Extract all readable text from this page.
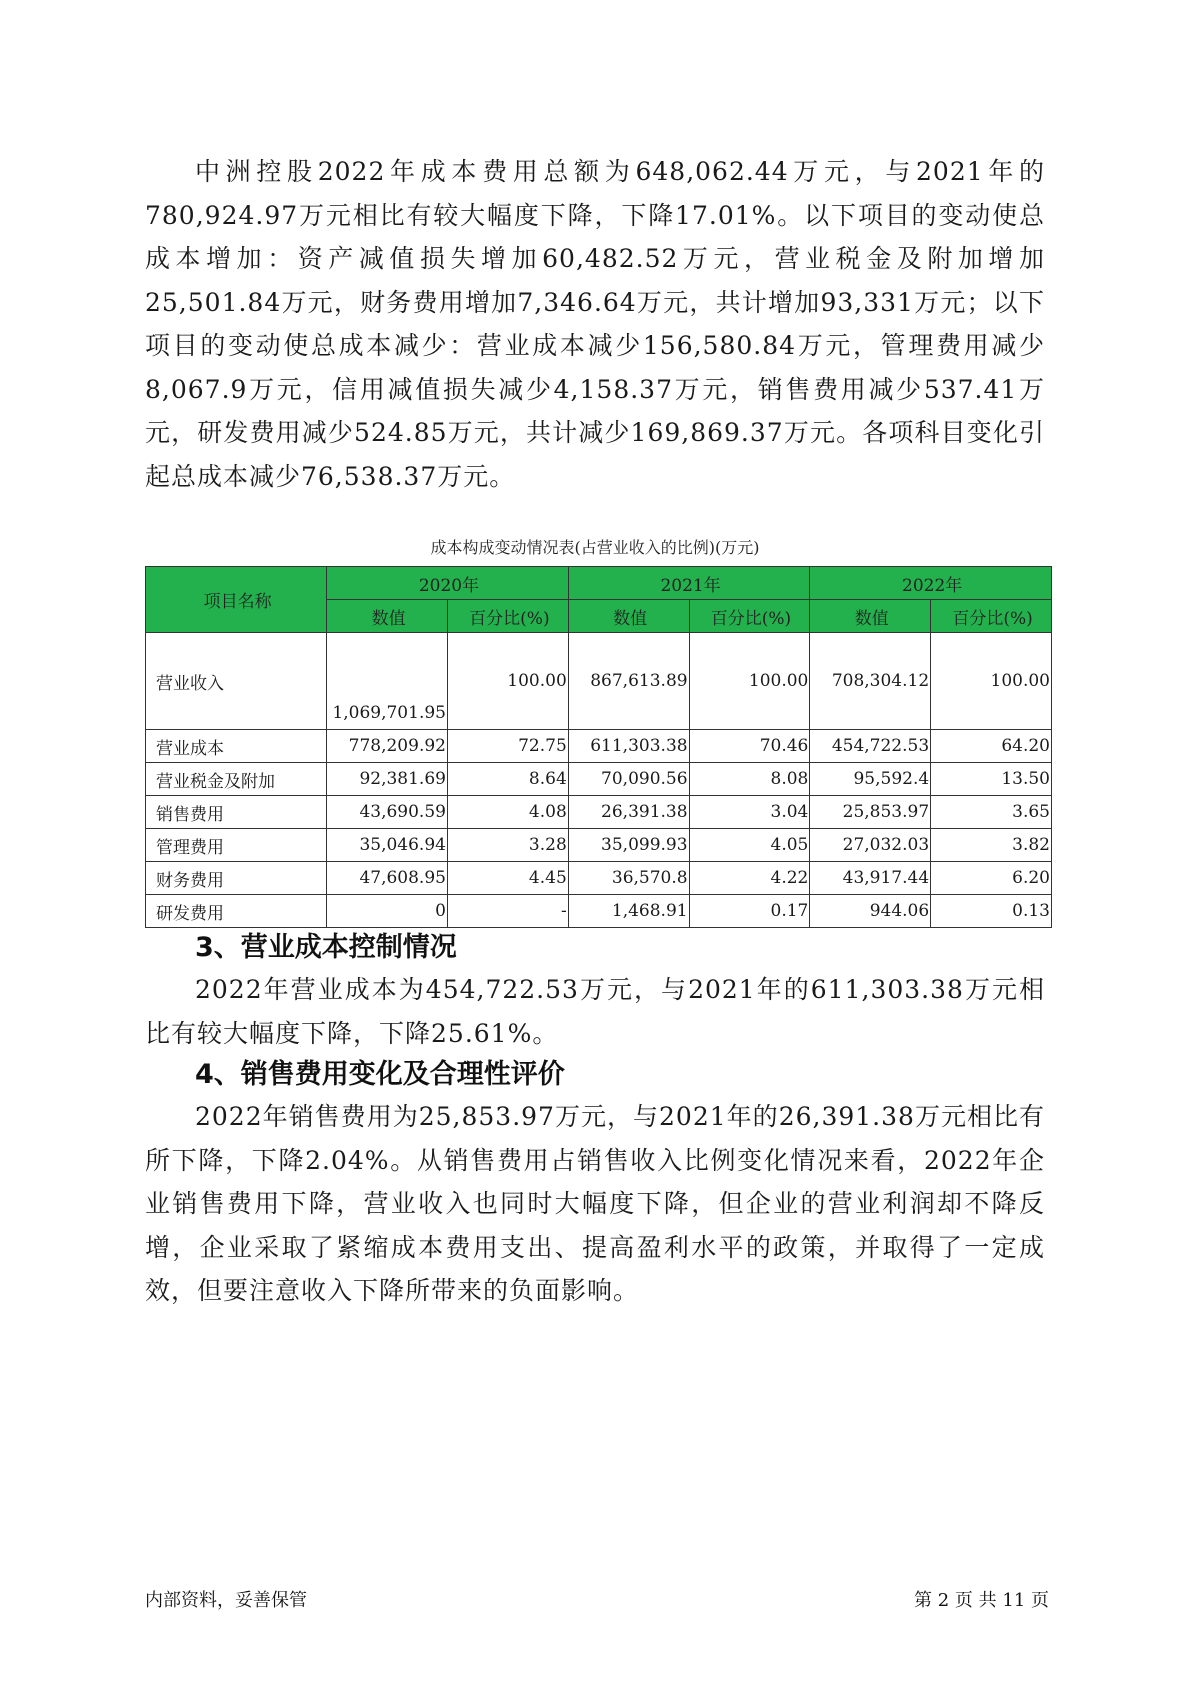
中洲控股2022年成本费用总额为648,062.44万元，与2021年的780,924.97万元相比有较大幅度下降，下降17.01%。以下项目的变动使总成本增加：资产减值损失增加60,482.52万元，营业税金及附加增加25,501.84万元，财务费用增加7,346.64万元，共计增加93,331万元；以下项目的变动使总成本减少：营业成本减少156,580.84万元，管理费用减少8,067.9万元，信用减值损失减少4,158.37万元，销售费用减少537.41万元，研发费用减少524.85万元，共计减少169,869.37万元。各项科目变化引起总成本减少76,538.37万元。

成本构成变动情况表(占营业收入的比例)(万元)
项目名称	2020年		2021年		2022年	
	数值	百分比(%)	数值	百分比(%)	数值	百分比(%)
营业收入	1,069,701.95	100.00	867,613.89	100.00	708,304.12	100.00
营业成本	778,209.92	72.75	611,303.38	70.46	454,722.53	64.20
营业税金及附加	92,381.69	8.64	70,090.56	8.08	95,592.4	13.50
销售费用	43,690.59	4.08	26,391.38	3.04	25,853.97	3.65
管理费用	35,046.94	3.28	35,099.93	4.05	27,032.03	3.82
财务费用	47,608.95	4.45	36,570.8	4.22	43,917.44	6.20
研发费用	0	-	1,468.91	0.17	944.06	0.13
3、营业成本控制情况

2022年营业成本为454,722.53万元，与2021年的611,303.38万元相比有较大幅度下降，下降25.61%。

4、销售费用变化及合理性评价

2022年销售费用为25,853.97万元，与2021年的26,391.38万元相比有所下降，下降2.04%。从销售费用占销售收入比例变化情况来看，2022年企业销售费用下降，营业收入也同时大幅度下降，但企业的营业利润却不降反增，企业采取了紧缩成本费用支出、提高盈利水平的政策，并取得了一定成效，但要注意收入下降所带来的负面影响。

内部资料，妥善保管	第 2 页 共 11 页
